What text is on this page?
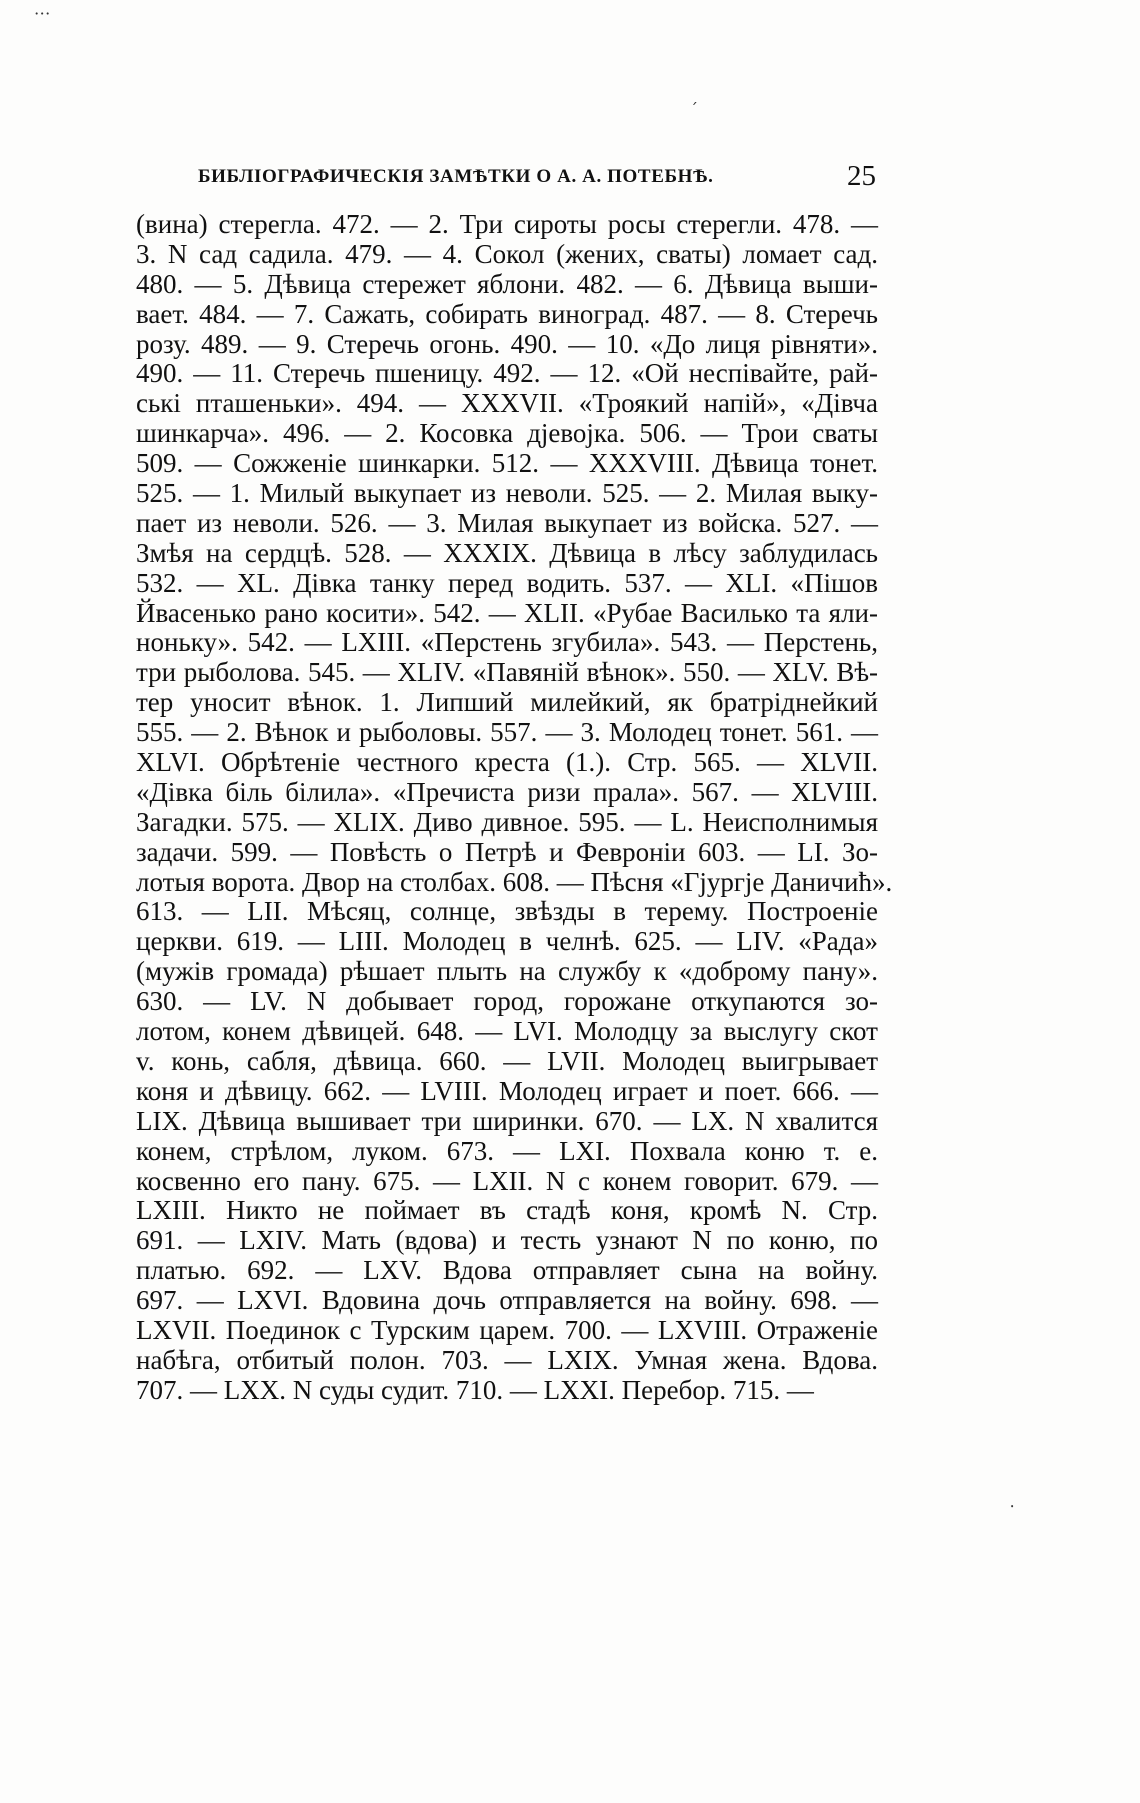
⋅⋅⋅
´
⸱
БИБЛІОГРАФИЧЕСКІЯ ЗАМѢТКИ О А. А. ПОТЕБНѢ.	25
(вина) стерегла. 472. — 2. Три сироты росы стерегли. 478. —
3. N сад садила. 479. — 4. Сокол (жених, сваты) ломает сад.
480. — 5. Дѣвица стережет яблони. 482. — 6. Дѣвица выши-
вает. 484. — 7. Сажать, собирать виноград. 487. — 8. Стеречь
розу. 489. — 9. Стеречь огонь. 490. — 10. «До лиця рівняти».
490. — 11. Стеречь пшеницу. 492. — 12. «Ой неспівайте, рай-
ські пташеньки». 494. — XXXVII. «Троякий напій», «Дівча
шинкарча». 496. — 2. Косовка дјевојка. 506. — Трои сваты
509. — Сожженіе шинкарки. 512. — XXXVIII. Дѣвица тонет.
525. — 1. Милый выкупает из неволи. 525. — 2. Милая выку-
пает из неволи. 526. — 3. Милая выкупает из войска. 527. —
Змѣя на сердцѣ. 528. — XXXIX. Дѣвица в лѣсу заблудилась
532. — XL. Дівка танку перед водить. 537. — XLI. «Пішов
Йвасенько рано косити». 542. — XLII. «Рубае Василько та яли-
ноньку». 542. — LXIII. «Перстень згубила». 543. — Перстень,
три рыболова. 545. — XLIV. «Павяній вѣнок». 550. — XLV. Вѣ-
тер уносит вѣнок. 1. Липший милейкий, як братріднейкий
555. — 2. Вѣнок и рыболовы. 557. — 3. Молодец тонет. 561. —
XLVI. Обрѣтеніе честного креста (1.). Стр. 565. — XLVII.
«Дівка біль білила». «Пречиста ризи прала». 567. — XLVIII.
Загадки. 575. — XLIX. Диво дивное. 595. — L. Неисполнимыя
задачи. 599. — Повѣсть о Петрѣ и Февроніи 603. — LI. Зо-
лотыя ворота. Двор на столбах. 608. — Пѣсня «Гјургје Даничић».
613. — LII. Мѣсяц, солнце, звѣзды в терему. Построеніе
церкви. 619. — LIII. Молодец в челнѣ. 625. — LIV. «Рада»
(мужів громада) рѣшает плыть на службу к «доброму пану».
630. — LV. N добывает город, горожане откупаются зо-
лотом, конем дѣвицей. 648. — LVI. Молодцу за выслугу скот
v. конь, сабля, дѣвица. 660. — LVII. Молодец выигрывает
коня и дѣвицу. 662. — LVIII. Молодец играет и поет. 666. —
LIX. Дѣвица вышивает три ширинки. 670. — LX. N хвалится
конем, стрѣлом, луком. 673. — LXI. Похвала коню т. е.
косвенно его пану. 675. — LXII. N с конем говорит. 679. —
LXIII. Никто не поймает въ стадѣ коня, кромѣ N. Стр.
691. — LXIV. Мать (вдова) и тесть узнают N по коню, по
платью. 692. — LXV. Вдова отправляет сына на войну.
697. — LXVI. Вдовина дочь отправляется на войну. 698. —
LXVII. Поединок с Турским царем. 700. — LXVIII. Отраженіе
набѣга, отбитый полон. 703. — LXIX. Умная жена. Вдова.
707. — LXX. N суды судит. 710. — LXXI. Перебор. 715. —
